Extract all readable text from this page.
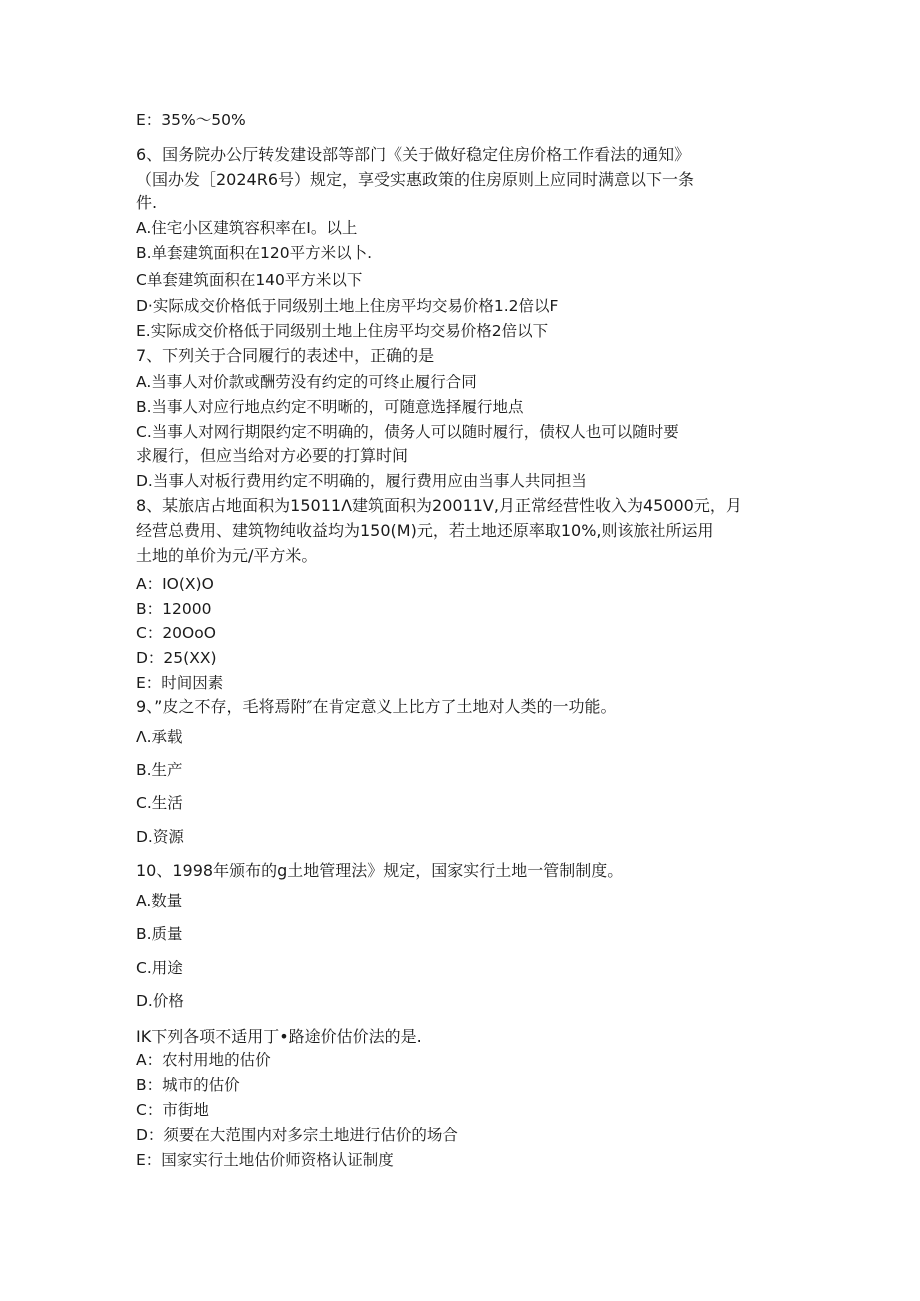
E：35%～50%
6、国务院办公厅转发建设部等部门《关于做好稳定住房价格工作看法的通知》
（国办发［2024R6号）规定，享受实惠政策的住房原则上应同时满意以下一条
件.
A.住宅小区建筑容积率在I。以上
B.单套建筑面积在120平方米以卜.
C单套建筑面积在140平方米以下
D·实际成交价格低于同级别土地上住房平均交易价格1.2倍以F
E.实际成交价格低于同级别土地上住房平均交易价格2倍以下
7、下列关于合同履行的表述中，正确的是
A.当事人对价款或酬劳没有约定的可终止履行合同
B.当事人对应行地点约定不明晰的，可随意选择履行地点
C.当事人对网行期限约定不明确的，债务人可以随时履行，债权人也可以随时要
求履行，但应当给对方必要的打算时间
D.当事人对板行费用约定不明确的，履行费用应由当事人共同担当
8、某旅店占地面积为15011Λ建筑面积为20011V,月正常经营性收入为45000元，月
经营总费用、建筑物纯收益均为150(M)元，若土地还原率取10%,则该旅社所运用
土地的单价为元/平方米。
A：IO(X)O
B：12000
C：20OoO
D：25(XX)
E：时间因素
9、”皮之不存，毛将焉附″在肯定意义上比方了土地对人类的一功能。
Λ.承载
B.生产
C.生活
D.资源
10、1998年颁布的g土地管理法》规定，国家实行土地一管制制度。
A.数量
B.质量
C.用途
D.价格
IK下列各项不适用丁•路途价估价法的是.
A：农村用地的估价
B：城市的估价
C：市街地
D：须要在大范围内对多宗土地进行估价的场合
E：国家实行土地估价师资格认证制度
